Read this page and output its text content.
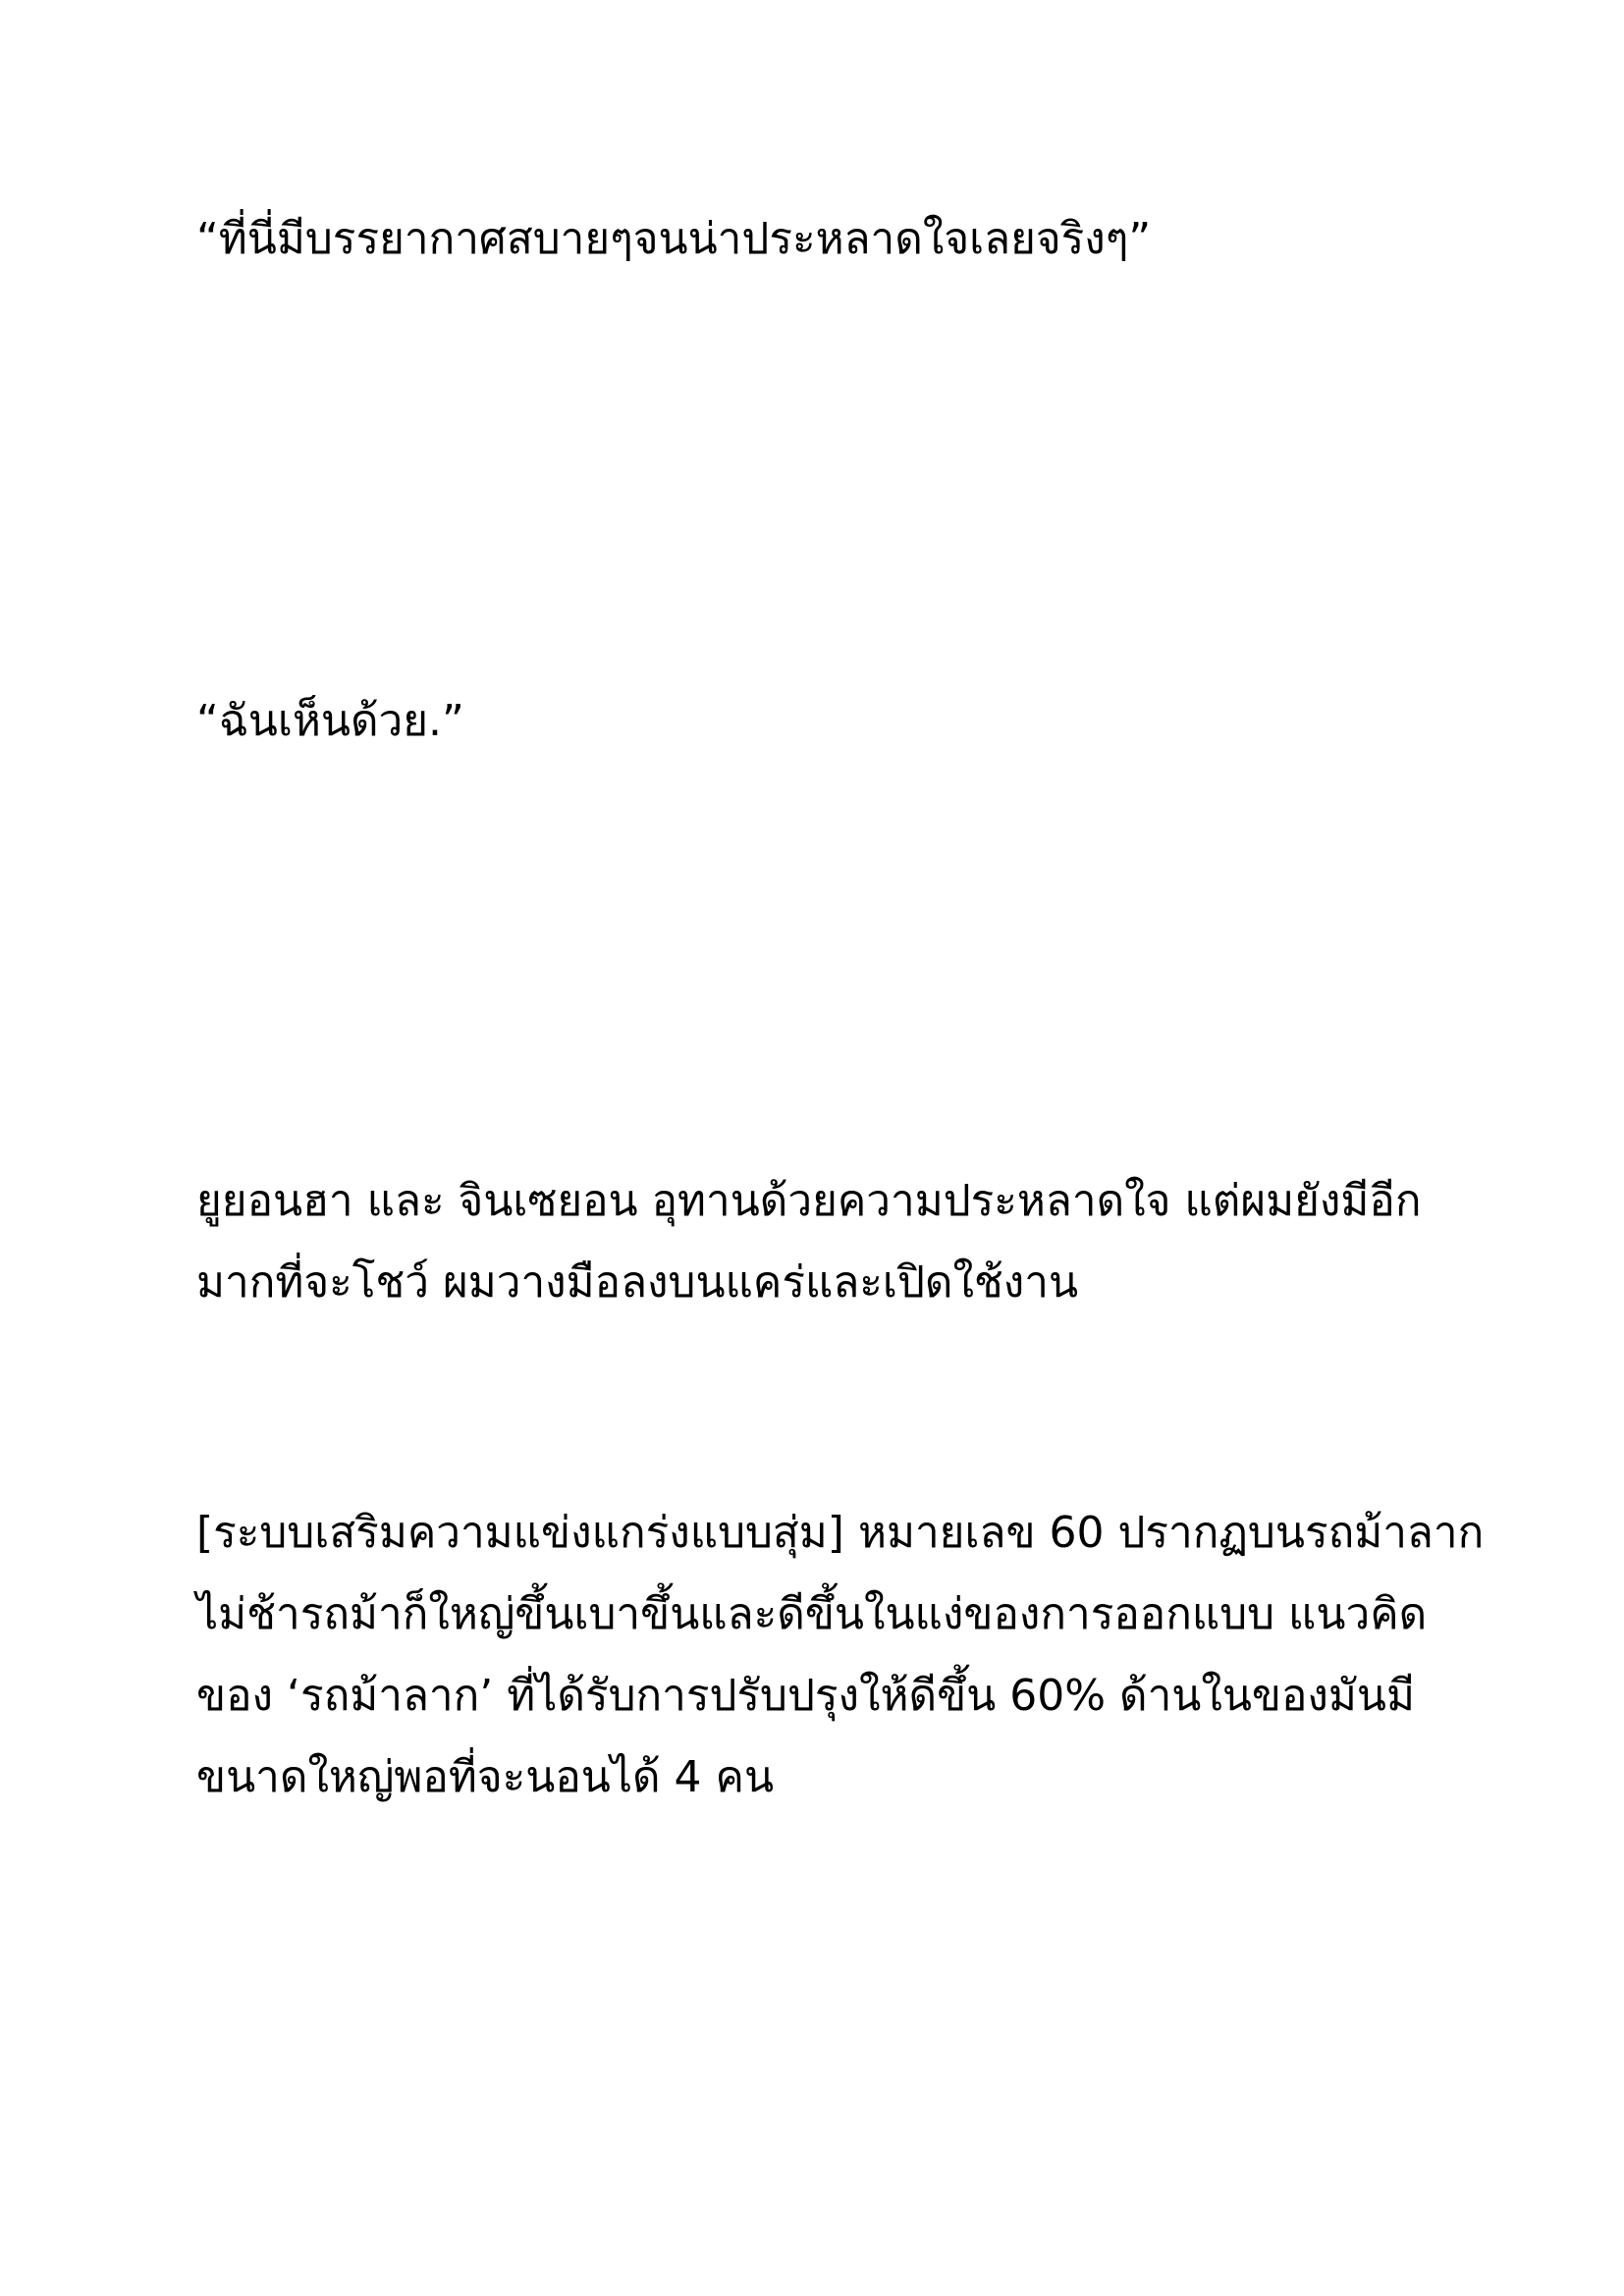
“ที่นี่มีบรรยากาศสบายๆจนน่าประหลาดใจเลยจริงๆ”

“ฉันเห็นด้วย.”

ยูยอนฮา และ จินเซยอน อุทานด้วยความประหลาดใจ แต่ผมยังมีอีก

มากที่จะโชว์ ผมวางมือลงบนแคร่และเปิดใช้งาน

[ระบบเสริมความแข่งแกร่งแบบสุ่ม] หมายเลข 60 ปรากฏบนรถม้าลาก

ไม่ช้ารถม้าก็ใหญ่ขึ้นเบาขึ้นและดีขึ้นในแง่ของการออกแบบ แนวคิด

ของ ‘รถม้าลาก’ ที่ได้รับการปรับปรุงให้ดีขึ้น 60% ด้านในของมันมี

ขนาดใหญ่พอที่จะนอนได้ 4 คน
